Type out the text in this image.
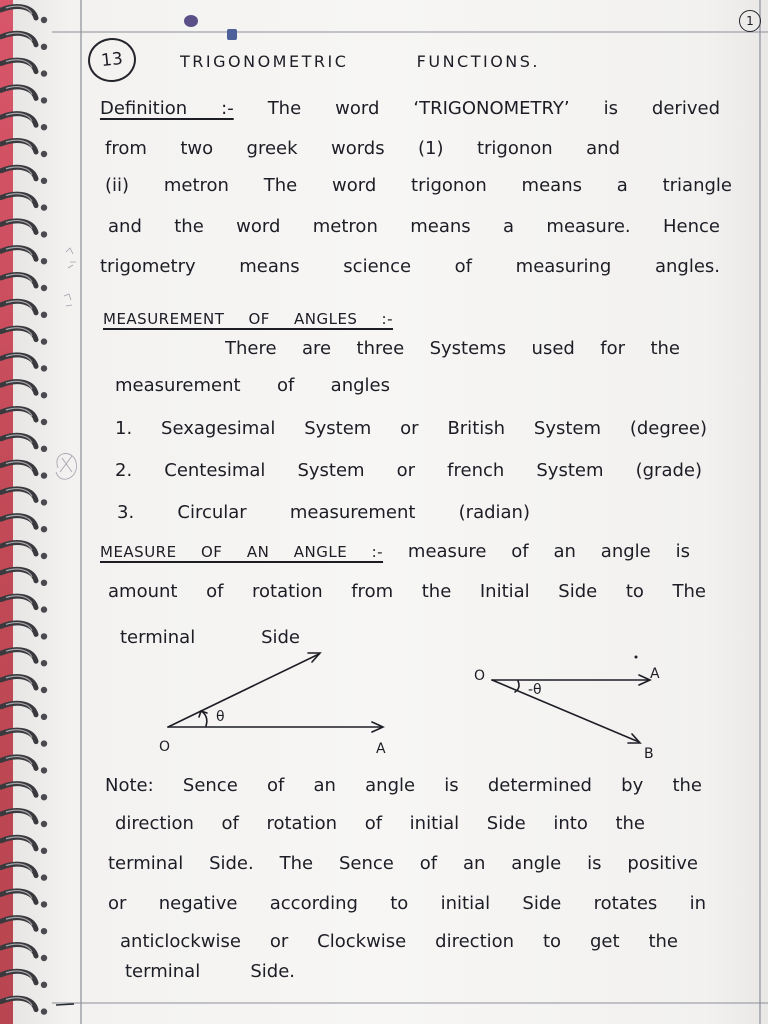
1
13	TRIGONOMETRIC FUNCTIONS.
Definition :- The word ‘TRIGONOMETRY’ is derived
from two greek words (1) trigonon and
(ii) metron The word trigonon means a triangle
and the word metron means a measure. Hence
trigometry means science of measuring angles.
MEASUREMENT OF ANGLES :-
There are three Systems used for the
measurement of angles
1. Sexagesimal System or British System (degree)
2. Centesimal System or french System (grade)
3. Circular measurement (radian)
MEASURE OF AN ANGLE :- measure of an angle is
amount of rotation from the Initial Side to The
terminal Side
θ
O	A
-θ
O	A
B
Note: Sence of an angle is determined by the
direction of rotation of initial Side into the
terminal Side. The Sence of an angle is positive
or negative according to initial Side rotates in
anticlockwise or Clockwise direction to get the
terminal Side.
